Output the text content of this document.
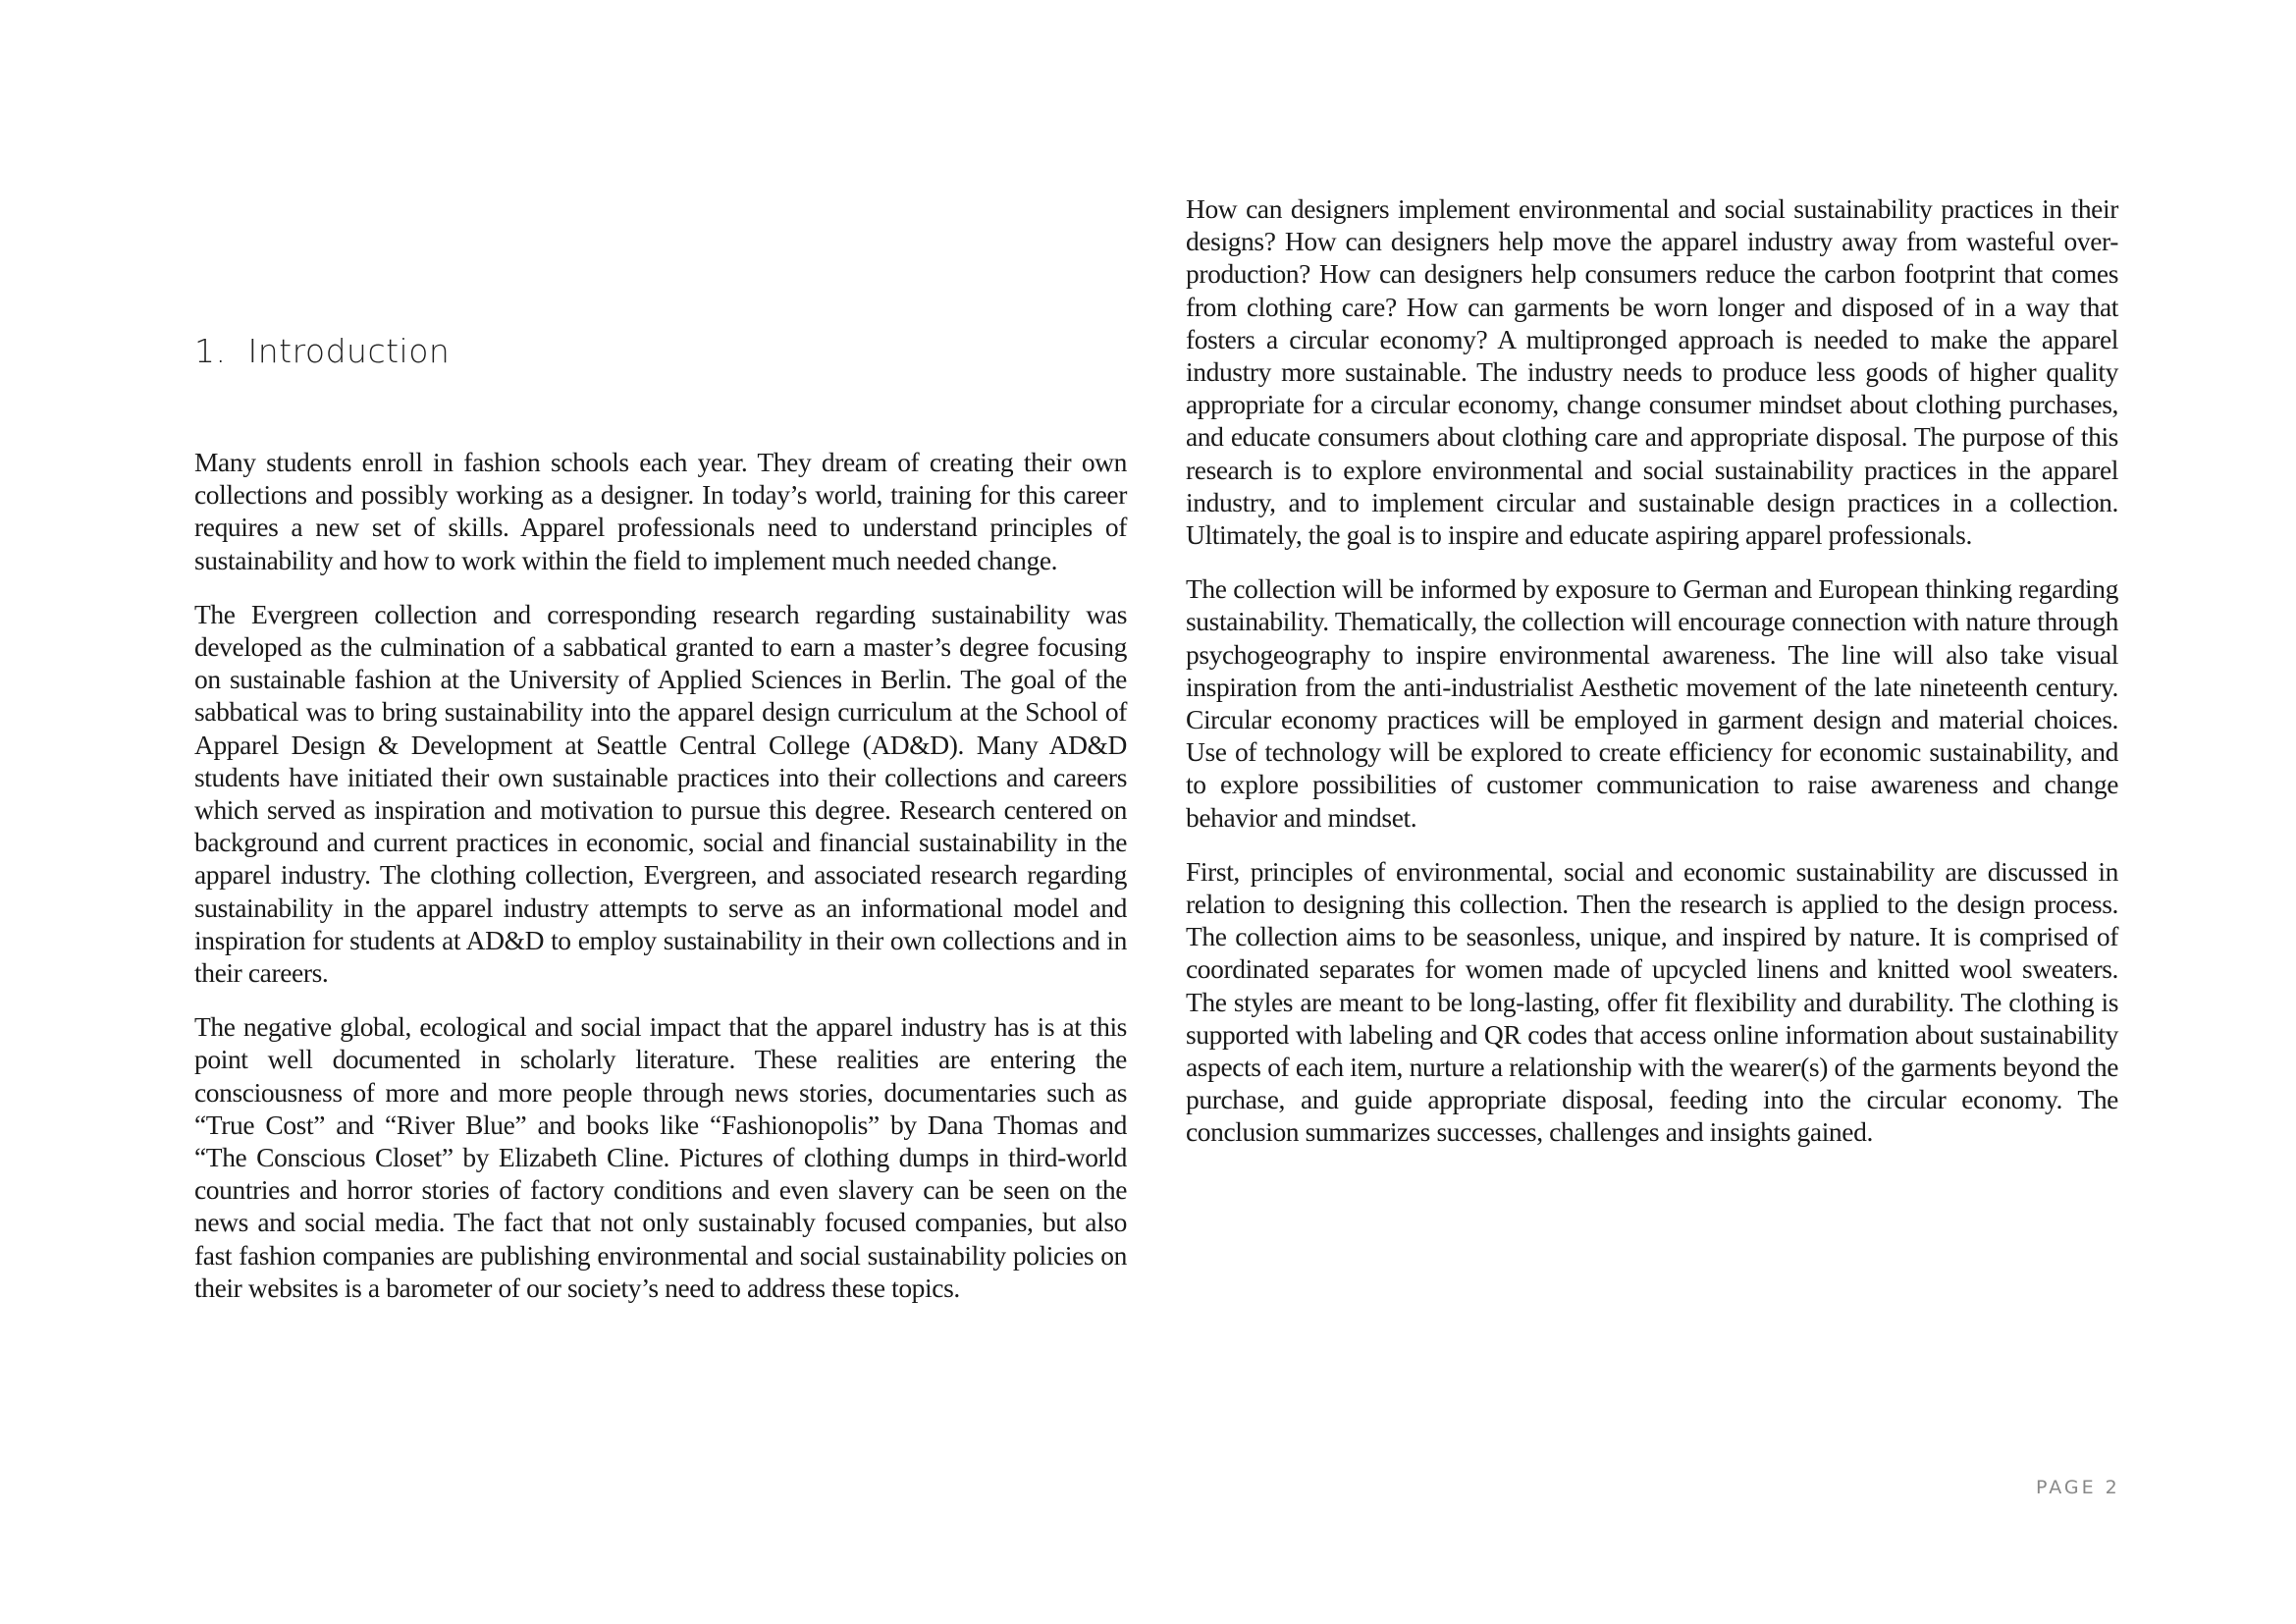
1. Introduction

Many students enroll in fashion schools each year. They dream of creating their own collections and possibly working as a designer. In today’s world, training for this career requires a new set of skills. Apparel professionals need to understand principles of sustainability and how to work within the field to implement much needed change.

The Evergreen collection and corresponding research regarding sustainability was developed as the culmination of a sabbatical granted to earn a master’s degree focusing on sustainable fashion at the University of Applied Sciences in Berlin. The goal of the sabbatical was to bring sustainability into the apparel design curriculum at the School of Apparel Design & Development at Seattle Central College (AD&D). Many AD&D students have initiated their own sustainable practices into their collections and careers which served as inspiration and motivation to pursue this degree. Research centered on background and current practices in economic, social and financial sustainability in the apparel industry. The clothing collection, Evergreen, and associated research regarding sustainability in the apparel industry attempts to serve as an informational model and inspiration for students at AD&D to employ sustainability in their own collections and in their careers.

The negative global, ecological and social impact that the apparel industry has is at this point well documented in scholarly literature. These realities are entering the consciousness of more and more people through news stories, documentaries such as “True Cost” and “River Blue” and books like “Fashionopolis” by Dana Thomas and “The Conscious Closet” by Elizabeth Cline. Pictures of clothing dumps in third-world countries and horror stories of factory conditions and even slavery can be seen on the news and social media. The fact that not only sustainably focused companies, but also fast fashion companies are publishing environmental and social sustainability policies on their websites is a barometer of our society’s need to address these topics.

How can designers implement environmental and social sustainability practices in their designs? How can designers help move the apparel industry away from wasteful over-production? How can designers help consumers reduce the carbon footprint that comes from clothing care? How can garments be worn longer and disposed of in a way that fosters a circular economy? A multipronged approach is needed to make the apparel industry more sustainable. The industry needs to produce less goods of higher quality appropriate for a circular economy, change consumer mindset about clothing purchases, and educate consumers about clothing care and appropriate disposal. The purpose of this research is to explore environmental and social sustainability practices in the apparel industry, and to implement circular and sustainable design practices in a collection. Ultimately, the goal is to inspire and educate aspiring apparel professionals.

The collection will be informed by exposure to German and European thinking regarding sustainability. Thematically, the collection will encourage connection with nature through psychogeography to inspire environmental awareness. The line will also take visual inspiration from the anti-industrialist Aesthetic movement of the late nineteenth century. Circular economy practices will be employed in garment design and material choices. Use of technology will be explored to create efficiency for economic sustainability, and to explore possibilities of customer communication to raise awareness and change behavior and mindset.

First, principles of environmental, social and economic sustainability are discussed in relation to designing this collection. Then the research is applied to the design process. The collection aims to be seasonless, unique, and inspired by nature. It is comprised of coordinated separates for women made of upcycled linens and knitted wool sweaters. The styles are meant to be long-lasting, offer fit flexibility and durability. The clothing is supported with labeling and QR codes that access online information about sustainability aspects of each item, nurture a relationship with the wearer(s) of the garments beyond the purchase, and guide appropriate disposal, feeding into the circular economy. The conclusion summarizes successes, challenges and insights gained.

PAGE 2
